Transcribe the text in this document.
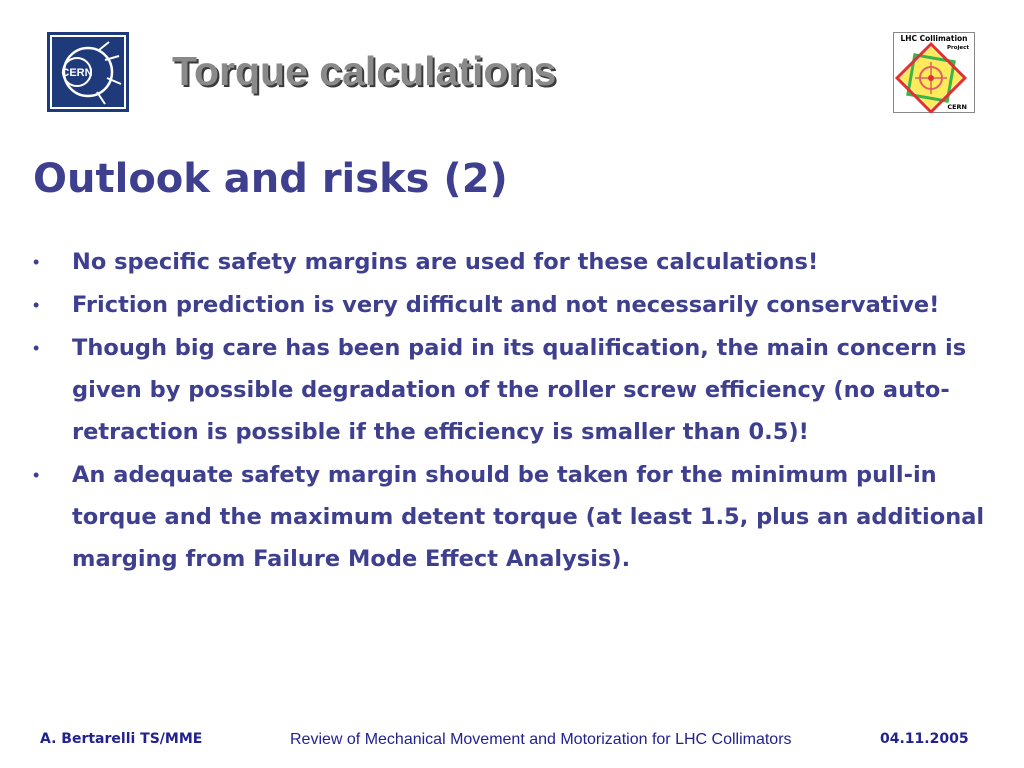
CERN Torque calculations
LHC Collimation
Project
CERN
Outlook and risks (2)
•	No specific safety margins are used for these calculations!
•	Friction prediction is very difficult and not necessarily conservative!
•	Though big care has been paid in its qualification, the main concern is given by possible degradation of the roller screw efficiency (no auto-retraction is possible if the efficiency is smaller than 0.5)!
•	An adequate safety margin should be taken for the minimum pull-in torque and the maximum detent torque (at least 1.5, plus an additional marging from Failure Mode Effect Analysis).
A. Bertarelli TS/MME	Review of Mechanical Movement and Motorization for LHC Collimators	04.11.2005
